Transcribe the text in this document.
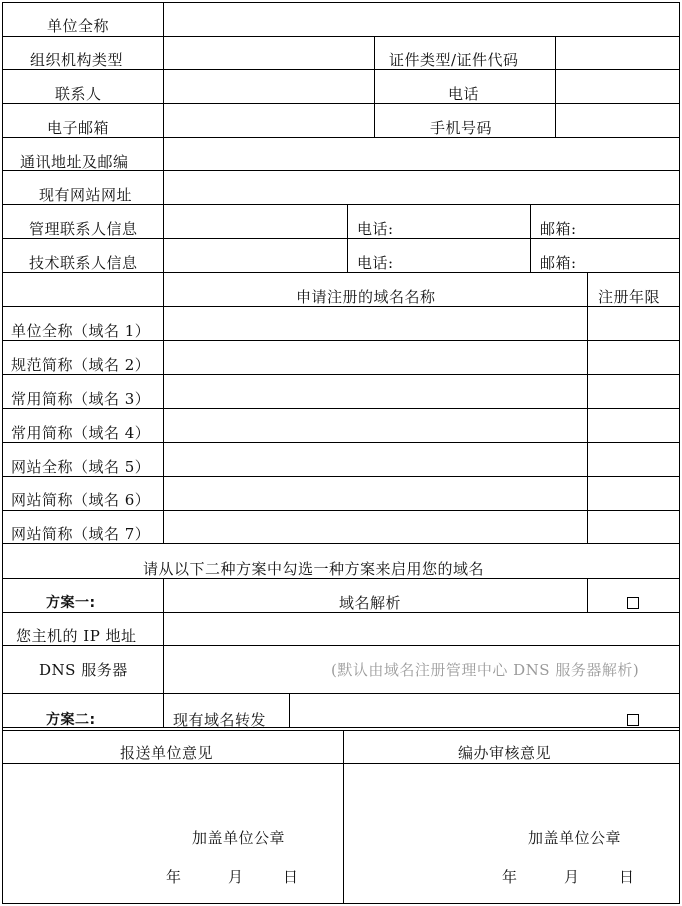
单位全称
组织机构类型	证件类型/证件代码
联系人	电话
电子邮箱	手机号码
通讯地址及邮编
现有网站网址
管理联系人信息	电话:	邮箱:
技术联系人信息	电话:	邮箱:
申请注册的域名名称	注册年限
单位全称（域名 1）
规范简称（域名 2）
常用简称（域名 3）
常用简称（域名 4）
网站全称（域名 5）
网站简称（域名 6）
网站简称（域名 7）
请从以下二种方案中勾选一种方案来启用您的域名
方案一:	域名解析
您主机的 IP 地址
DNS 服务器	(默认由域名注册管理中心 DNS 服务器解析)
方案二:	现有域名转发
报送单位意见	编办审核意见
加盖单位公章
年	月	日
加盖单位公章
年	月	日
